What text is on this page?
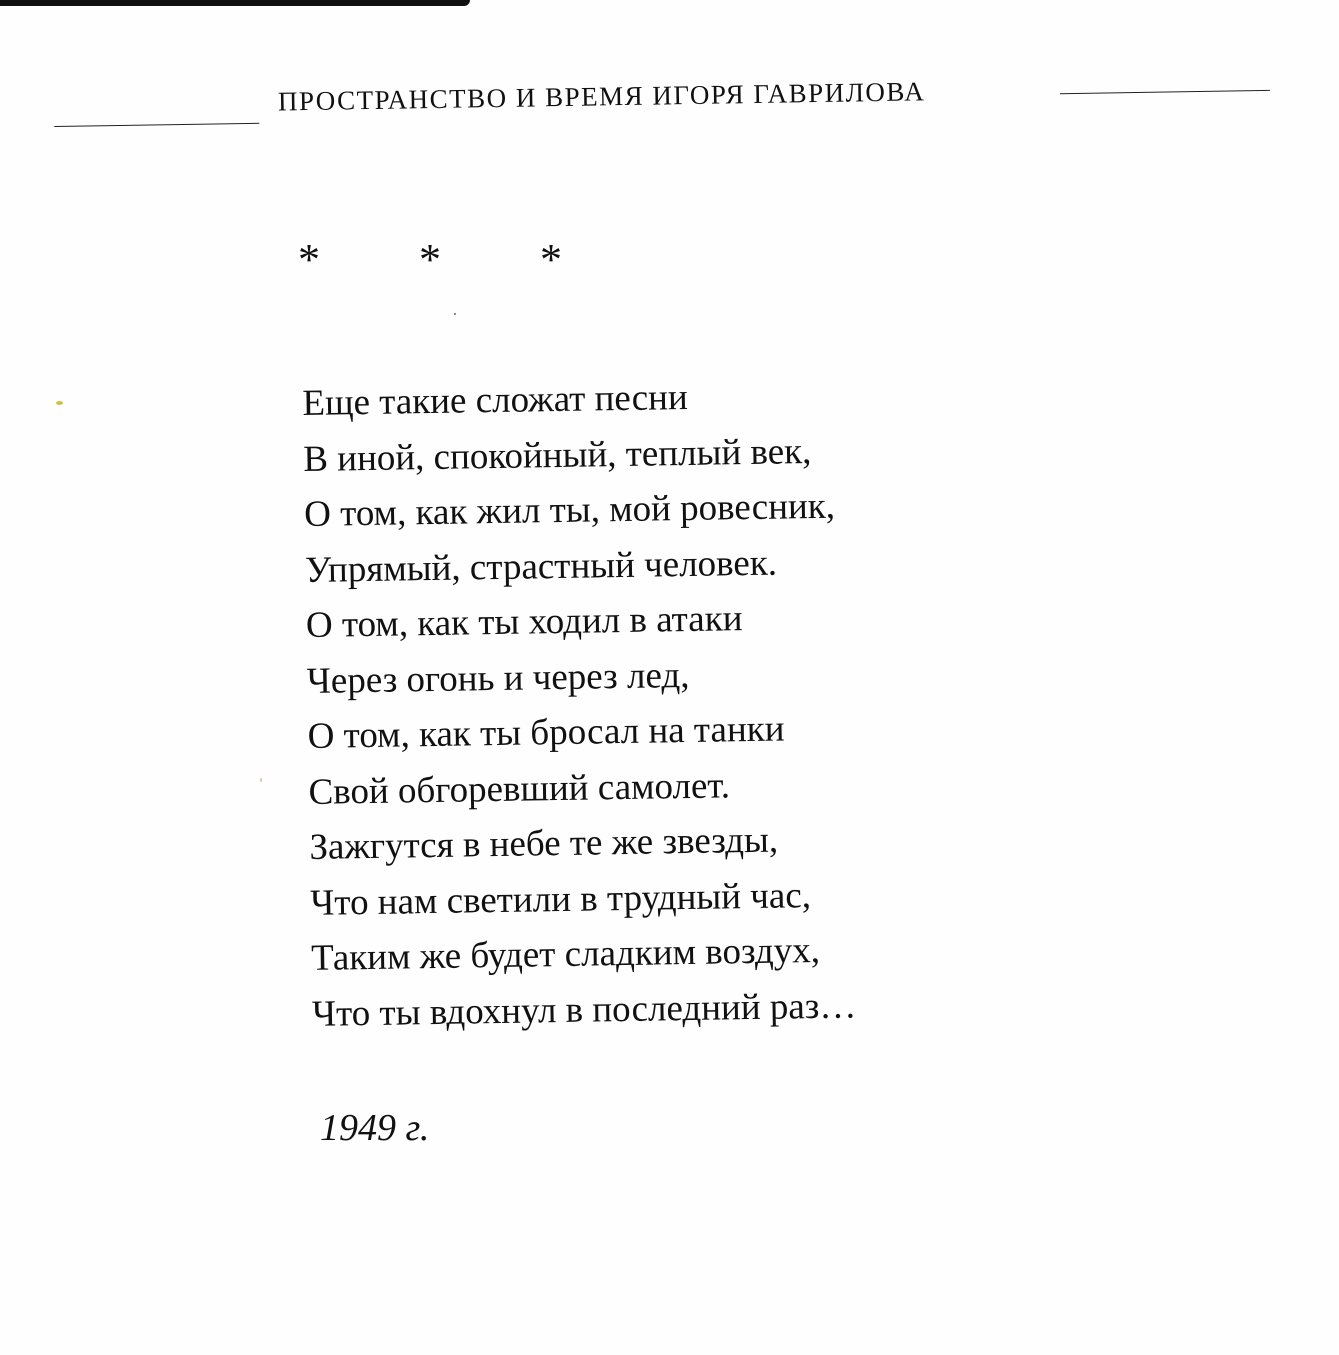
ПРОСТРАНСТВО И ВРЕМЯ ИГОРЯ ГАВРИЛОВА
* * *
Еще такие сложат песни
В иной, спокойный, теплый век,
О том, как жил ты, мой ровесник,
Упрямый, страстный человек.
О том, как ты ходил в атаки
Через огонь и через лед,
О том, как ты бросал на танки
Свой обгоревший самолет.
Зажгутся в небе те же звезды,
Что нам светили в трудный час,
Таким же будет сладким воздух,
Что ты вдохнул в последний раз…
1949 г.
